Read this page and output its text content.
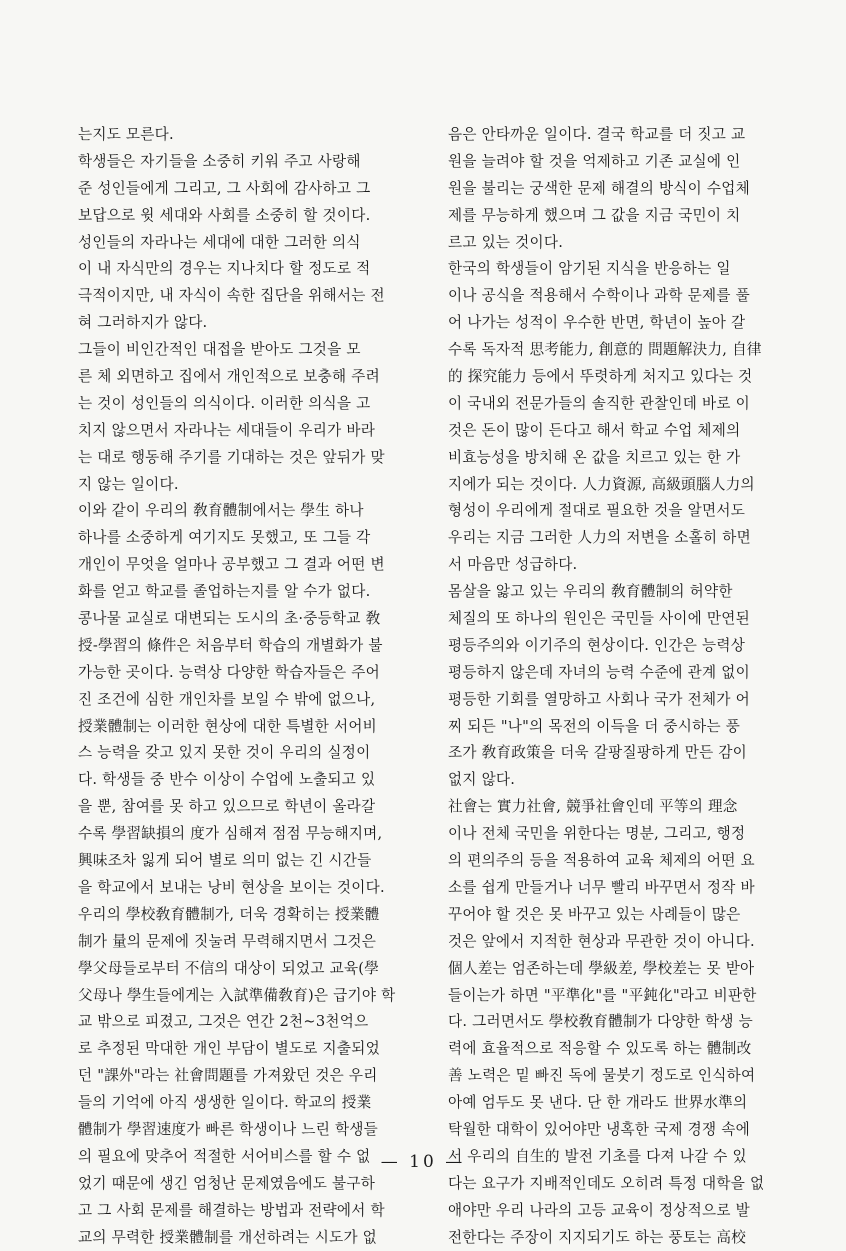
는지도 모른다.
학생들은 자기들을 소중히 키워 주고 사랑해
준 성인들에게 그리고, 그 사회에 감사하고 그
보답으로 윗 세대와 사회를 소중히 할 것이다.
성인들의 자라나는 세대에 대한 그러한 의식
이 내 자식만의 경우는 지나치다 할 정도로 적
극적이지만, 내 자식이 속한 집단을 위해서는 전
혀 그러하지가 않다.
그들이 비인간적인 대접을 받아도 그것을 모
른 체 외면하고 집에서 개인적으로 보충해 주려
는 것이 성인들의 의식이다. 이러한 의식을 고
치지 않으면서 자라나는 세대들이 우리가 바라
는 대로 행동해 주기를 기대하는 것은 앞뒤가 맞
지 않는 일이다.
이와 같이 우리의 敎育體制에서는 學生 하나
하나를 소중하게 여기지도 못했고, 또 그들 각
개인이 무엇을 얼마나 공부했고 그 결과 어떤 변
화를 얻고 학교를 졸업하는지를 알 수가 없다.
콩나물 교실로 대변되는 도시의 초·중등학교 敎
授-學習의 條件은 처음부터 학습의 개별화가 불
가능한 곳이다. 능력상 다양한 학습자들은 주어
진 조건에 심한 개인차를 보일 수 밖에 없으나,
授業體制는 이러한 현상에 대한 특별한 서어비
스 능력을 갖고 있지 못한 것이 우리의 실정이
다. 학생들 중 반수 이상이 수업에 노출되고 있
을 뿐, 참여를 못 하고 있으므로 학년이 올라갈
수록 學習缺損의 度가 심해져 점점 무능해지며,
興味조차 잃게 되어 별로 의미 없는 긴 시간들
을 학교에서 보내는 낭비 현상을 보이는 것이다.
우리의 學校敎育體制가, 더욱 경확히는 授業體
制가 量의 문제에 짓눌려 무력해지면서 그것은
學父母들로부터 不信의 대상이 되었고 교육(學
父母나 學生들에게는 入試準備敎育)은 급기야 학
교 밖으로 피졌고, 그것은 연간 2천∼3천억으
로 추정된 막대한 개인 부담이 별도로 지출되었
던 "課外"라는 社會問題를 가져왔던 것은 우리
들의 기억에 아직 생생한 일이다. 학교의 授業
體制가 學習速度가 빠른 학생이나 느린 학생들
의 필요에 맞추어 적절한 서어비스를 할 수 없
었기 때문에 생긴 엄청난 문제였음에도 불구하
고 그 사회 문제를 해결하는 방법과 전략에서 학
교의 무력한 授業體制를 개선하려는 시도가 없
음은 안타까운 일이다. 결국 학교를 더 짓고 교
원을 늘려야 할 것을 억제하고 기존 교실에 인
원을 불리는 궁색한 문제 해결의 방식이 수업체
제를 무능하게 했으며 그 값을 지금 국민이 치
르고 있는 것이다.
한국의 학생들이 암기된 지식을 반응하는 일
이나 공식을 적용해서 수학이나 과학 문제를 풀
어 나가는 성적이 우수한 반면, 학년이 높아 갈
수록 독자적 思考能力, 創意的 問題解決力, 自律
的 探究能力 등에서 뚜렷하게 처지고 있다는 것
이 국내외 전문가들의 솔직한 관찰인데 바로 이
것은 돈이 많이 든다고 해서 학교 수업 체제의
비효능성을 방치해 온 값을 치르고 있는 한 가
지에가 되는 것이다. 人力資源, 高級頭腦人力의
형성이 우리에게 절대로 필요한 것을 알면서도
우리는 지금 그러한 人力의 저변을 소홀히 하면
서 마음만 성급하다.
몸살을 앓고 있는 우리의 敎育體制의 허약한
체질의 또 하나의 원인은 국민들 사이에 만연된
평등주의와 이기주의 현상이다. 인간은 능력상
평등하지 않은데 자녀의 능력 수준에 관계 없이
평등한 기회를 열망하고 사회나 국가 전체가 어
찌 되든 "나"의 목전의 이득을 더 중시하는 풍
조가 敎育政策을 더욱 갈팡질팡하게 만든 감이
없지 않다.
社會는 實力社會, 競爭社會인데 平等의 理念
이나 전체 국민을 위한다는 명분, 그리고, 행정
의 편의주의 등을 적용하여 교육 체제의 어떤 요
소를 쉽게 만들거나 너무 빨리 바꾸면서 정작 바
꾸어야 할 것은 못 바꾸고 있는 사례들이 많은
것은 앞에서 지적한 현상과 무관한 것이 아니다.
個人差는 엄존하는데 學級差, 學校差는 못 받아
들이는가 하면 "平準化"를 "平鈍化"라고 비판한
다. 그러면서도 學校敎育體制가 다양한 학생 능
력에 효율적으로 적응할 수 있도록 하는 體制改
善 노력은 밑 빠진 독에 물붓기 정도로 인식하여
아예 엄두도 못 낸다. 단 한 개라도 世界水準의
탁월한 대학이 있어야만 냉혹한 국제 경쟁 속에
서 우리의 自生的 발전 기초를 다져 나갈 수 있
다는 요구가 지배적인데도 오히려 특정 대학을 없
애야만 우리 나라의 고등 교육이 정상적으로 발
전한다는 주장이 지지되기도 하는 풍토는 高校
— 10 —
